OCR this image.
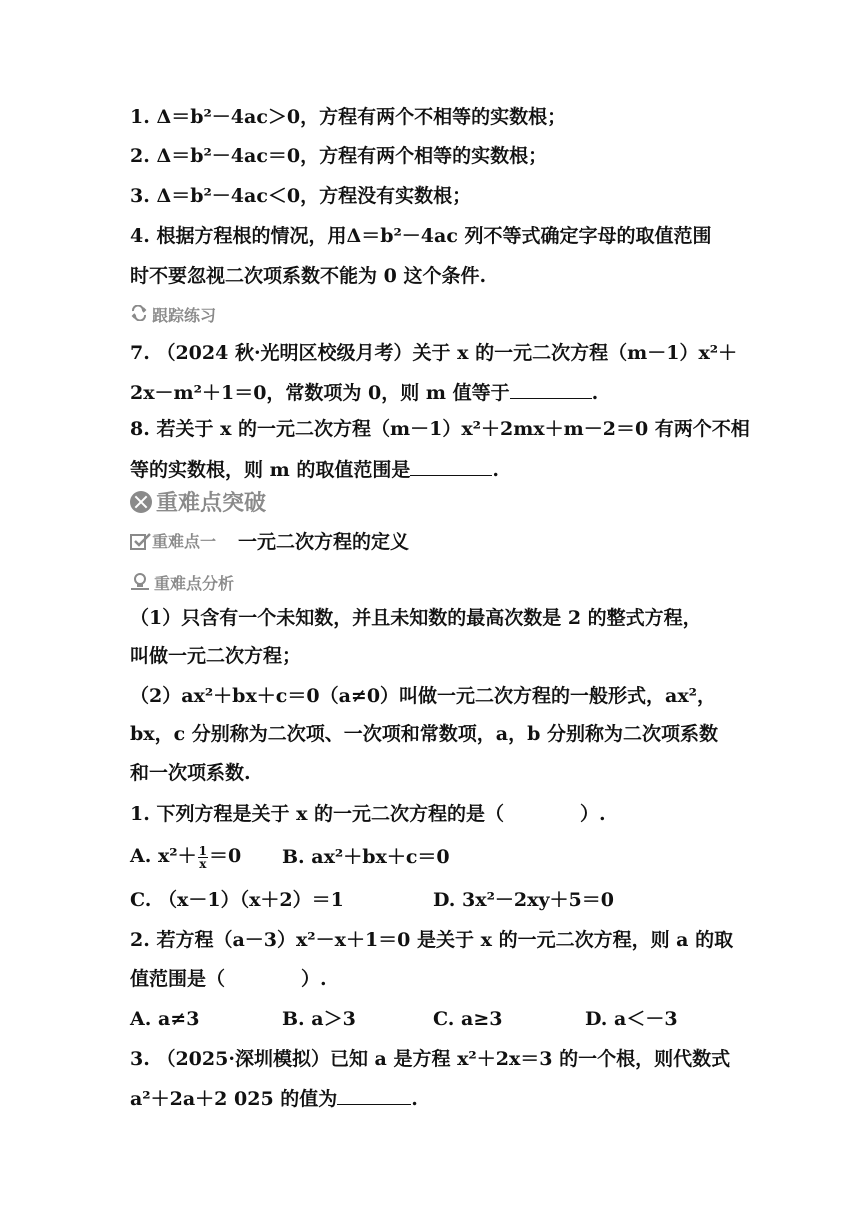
1. Δ＝b²－4ac＞0，方程有两个不相等的实数根；
2. Δ＝b²－4ac＝0，方程有两个相等的实数根；
3. Δ＝b²－4ac＜0，方程没有实数根；
4. 根据方程根的情况，用Δ＝b²－4ac 列不等式确定字母的取值范围
时不要忽视二次项系数不能为 0 这个条件.
跟踪练习
7. （2024 秋·光明区校级月考）关于 x 的一元二次方程（m－1）x²＋
2x－m²＋1＝0，常数项为 0，则 m 值等于	.
8. 若关于 x 的一元二次方程（m－1）x²＋2mx＋m－2＝0 有两个不相
等的实数根，则 m 的取值范围是	.
重难点突破
重难点一 一元二次方程的定义
重难点分析
（1）只含有一个未知数，并且未知数的最高次数是 2 的整式方程，
叫做一元二次方程；
（2）ax²＋bx＋c＝0（a≠0）叫做一元二次方程的一般形式，ax²，
bx，c 分别称为二次项、一次项和常数项，a，b 分别称为二次项系数
和一次项系数.
1. 下列方程是关于 x 的一元二次方程的是（　　　　）.
A. $x^2+ \frac{1}{x} =0$ B. ax²＋bx＋c＝0
C. （x－1）（x＋2）＝1	D. 3x²－2xy＋5＝0
2. 若方程（a－3）x²－x＋1＝0 是关于 x 的一元二次方程，则 a 的取
值范围是（　　　　）.
A. a≠3	B. a＞3	C. a≥3	D. a＜－3
3. （2025·深圳模拟）已知 a 是方程 x²＋2x＝3 的一个根，则代数式
a²＋2a＋2 025 的值为	.
